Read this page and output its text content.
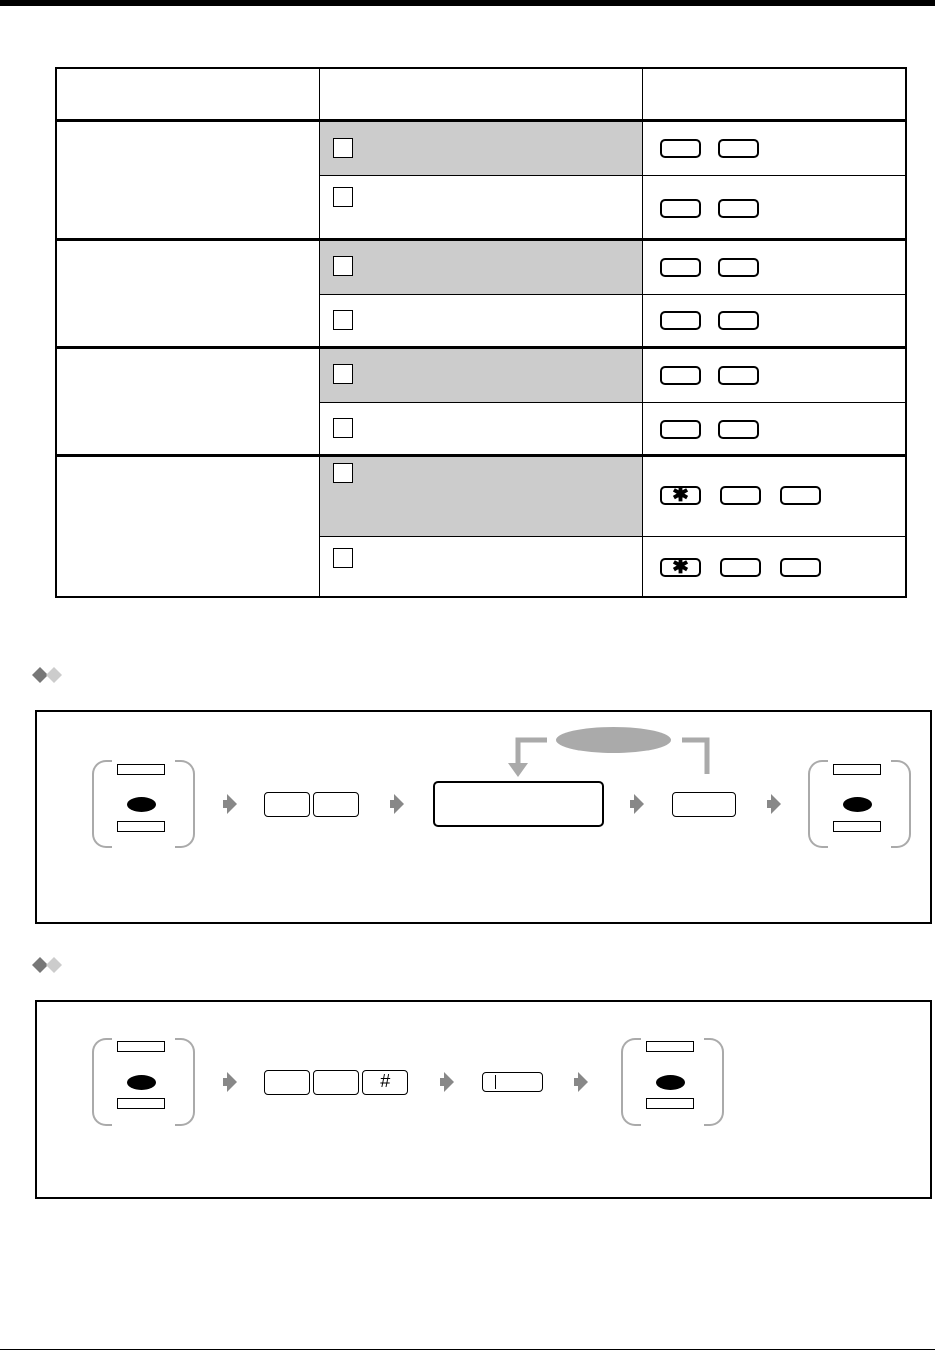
✱
✱
#
